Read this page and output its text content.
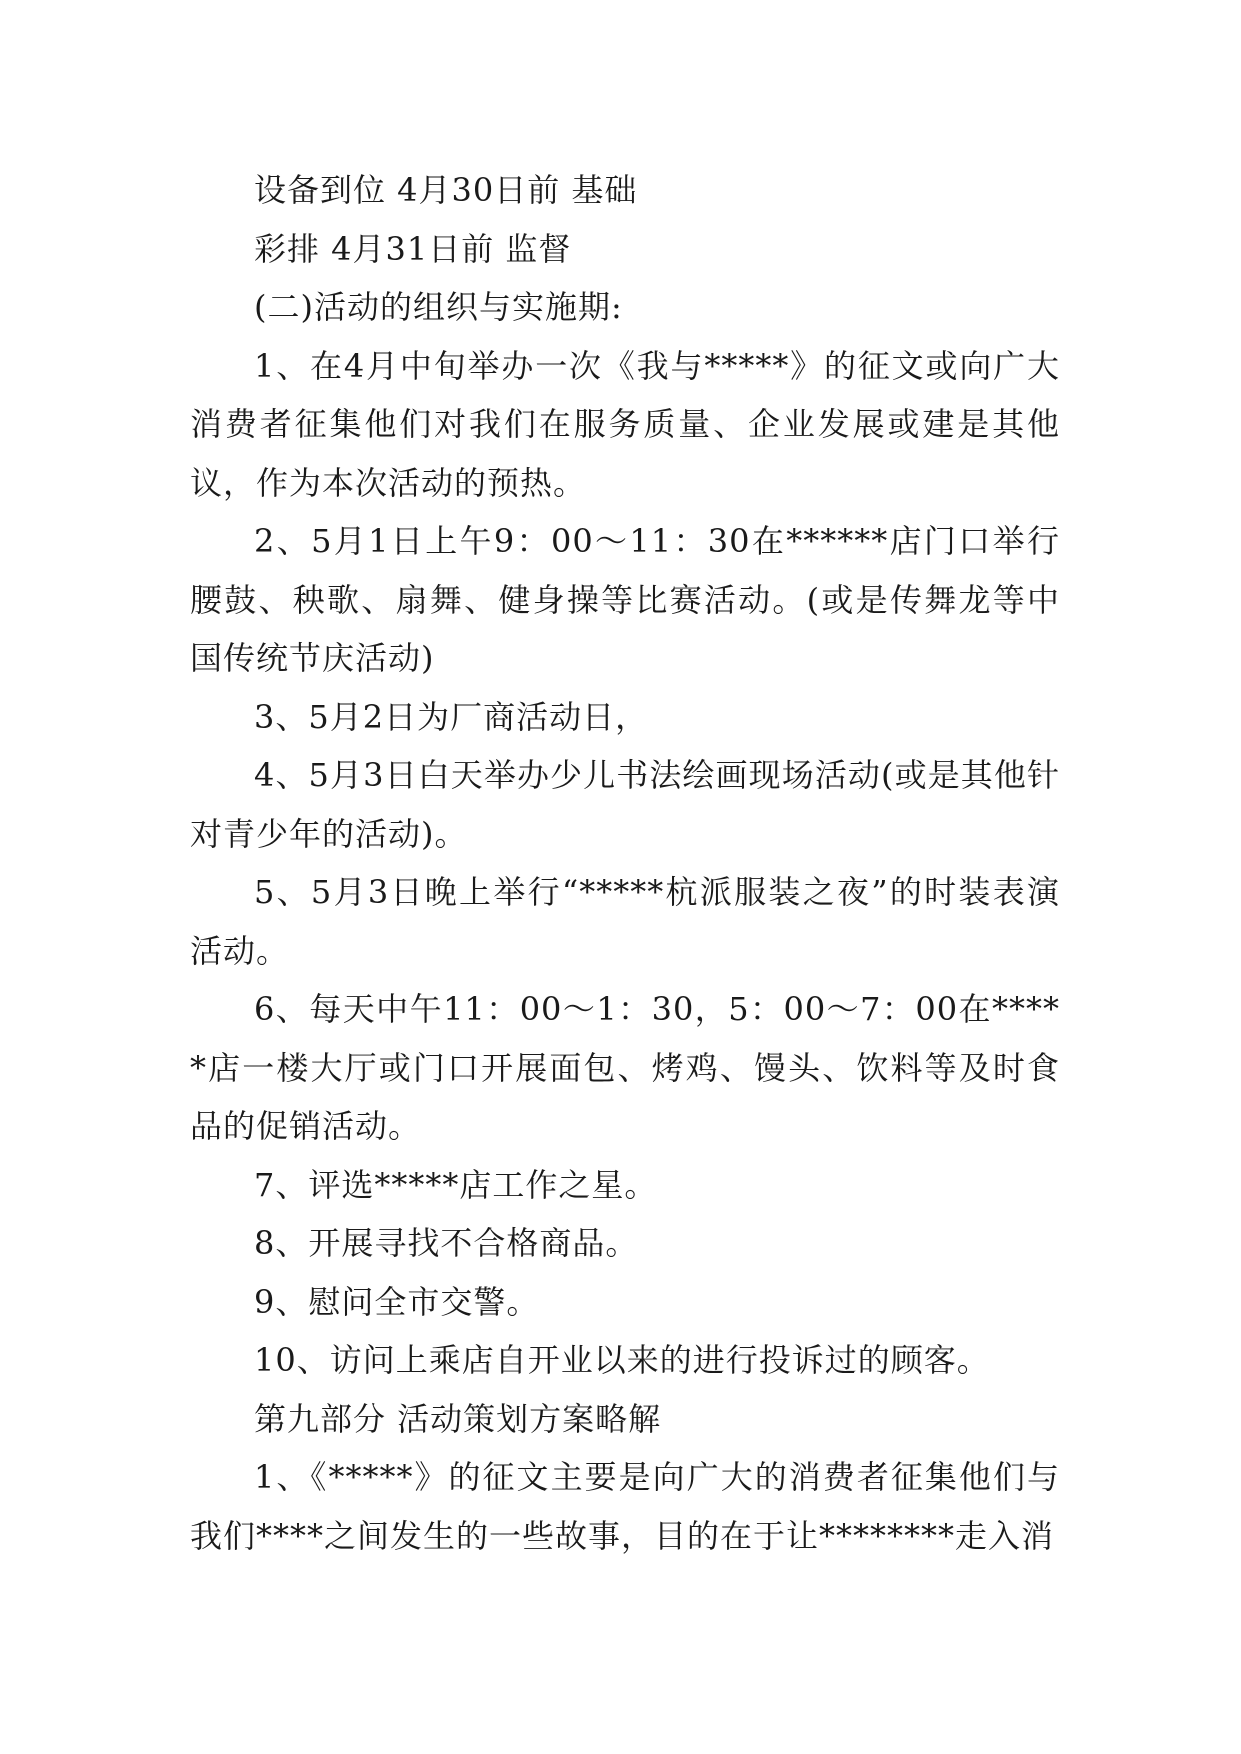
设备到位 4月30日前 基础

彩排 4月31日前 监督

(二)活动的组织与实施期:

1、在4月中旬举办一次《我与*****》的征文或向广大消费者征集他们对我们在服务质量、企业发展或建是其他议，作为本次活动的预热。

2、5月1日上午9：00～11：30在******店门口举行腰鼓、秧歌、扇舞、健身操等比赛活动。(或是传舞龙等中国传统节庆活动)

3、5月2日为厂商活动日，

4、5月3日白天举办少儿书法绘画现场活动(或是其他针对青少年的活动)。

5、5月3日晚上举行“*****杭派服装之夜”的时装表演活动。

6、每天中午11：00～1：30，5：00～7：00在*****店一楼大厅或门口开展面包、烤鸡、馒头、饮料等及时食品的促销活动。

7、评选*****店工作之星。

8、开展寻找不合格商品。

9、慰问全市交警。

10、访问上乘店自开业以来的进行投诉过的顾客。

第九部分 活动策划方案略解

1、《*****》的征文主要是向广大的消费者征集他们与我们****之间发生的一些故事，目的在于让********走入消
